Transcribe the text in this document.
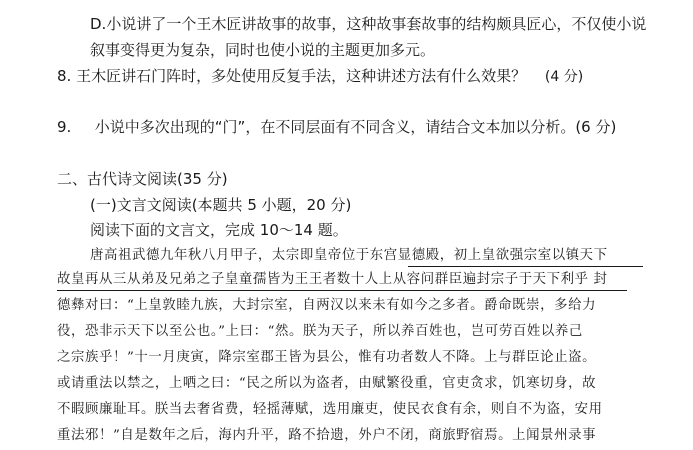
D.小说讲了一个王木匠讲故事的故事，这种故事套故事的结构颇具匠心，不仅使小说
叙事变得更为复杂，同时也使小说的主题更加多元。
8. 王木匠讲石门阵时，多处使用反复手法，这种讲述方法有什么效果？ (4 分)
9. 小说中多次出现的“门”，在不同层面有不同含义，请结合文本加以分析。(6 分)
二、古代诗文阅读(35 分)
(一)文言文阅读(本题共 5 小题，20 分)
阅读下面的文言文，完成 10～14 题。
唐高祖武德九年秋八月甲子，太宗即皇帝位于东宫显德殿，初上皇欲强宗室以镇天下
故皇再从三从弟及兄弟之子皇童孺皆为王王者数十人上从容问群臣遍封宗子于天下利乎 封
德彝对曰：“上皇敦睦九族，大封宗室，自两汉以来未有如今之多者。爵命既崇，多给力
役，恐非示天下以至公也。”上曰：“然。朕为天子，所以养百姓也，岂可劳百姓以养己
之宗族乎！”十一月庚寅，降宗室郡王皆为县公，惟有功者数人不降。上与群臣论止盗。
或请重法以禁之，上哂之曰：“民之所以为盗者，由赋繁役重，官吏贪求，饥寒切身，故
不暇顾廉耻耳。朕当去奢省费，轻摇薄赋，选用廉吏，使民衣食有余，则自不为盗，安用
重法邪！”自是数年之后，海内升平，路不拾遗，外户不闭，商旅野宿焉。上闻景州录事
